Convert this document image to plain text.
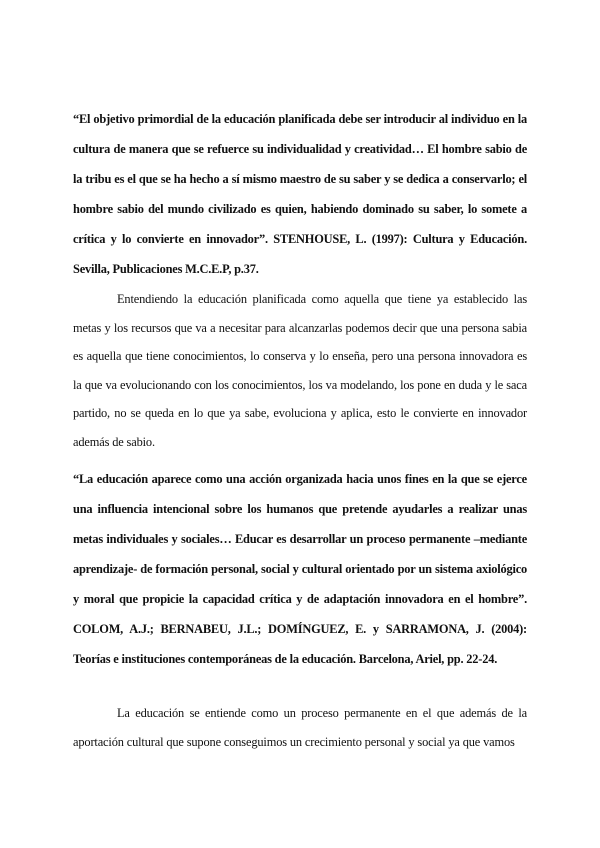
“El objetivo primordial de la educación planificada debe ser introducir al individuo en la cultura de manera que se refuerce su individualidad y creatividad… El hombre sabio de la tribu es el que se ha hecho a sí mismo maestro de su saber y se dedica a conservarlo; el hombre sabio del mundo civilizado es quien, habiendo dominado su saber, lo somete a crítica y lo convierte en innovador”. STENHOUSE, L. (1997): Cultura y Educación. Sevilla, Publicaciones M.C.E.P, p.37.

Entendiendo la educación planificada como aquella que tiene ya establecido las metas y los recursos que va a necesitar para alcanzarlas podemos decir que una persona sabia es aquella que tiene conocimientos, lo conserva y lo enseña, pero una persona innovadora es la que va evolucionando con los conocimientos, los va modelando, los pone en duda y le saca partido, no se queda en lo que ya sabe, evoluciona y aplica, esto le convierte en innovador además de sabio.

“La educación aparece como una acción organizada hacia unos fines en la que se ejerce una influencia intencional sobre los humanos que pretende ayudarles a realizar unas metas individuales y sociales… Educar es desarrollar un proceso permanente –mediante aprendizaje- de formación personal, social y cultural orientado por un sistema axiológico y moral que propicie la capacidad crítica y de adaptación innovadora en el hombre”. COLOM, A.J.; BERNABEU, J.L.; DOMÍNGUEZ, E. y SARRAMONA, J. (2004): Teorías e instituciones contemporáneas de la educación. Barcelona, Ariel, pp. 22-24.

La educación se entiende como un proceso permanente en el que además de la aportación cultural que supone conseguimos un crecimiento personal y social ya que vamos
